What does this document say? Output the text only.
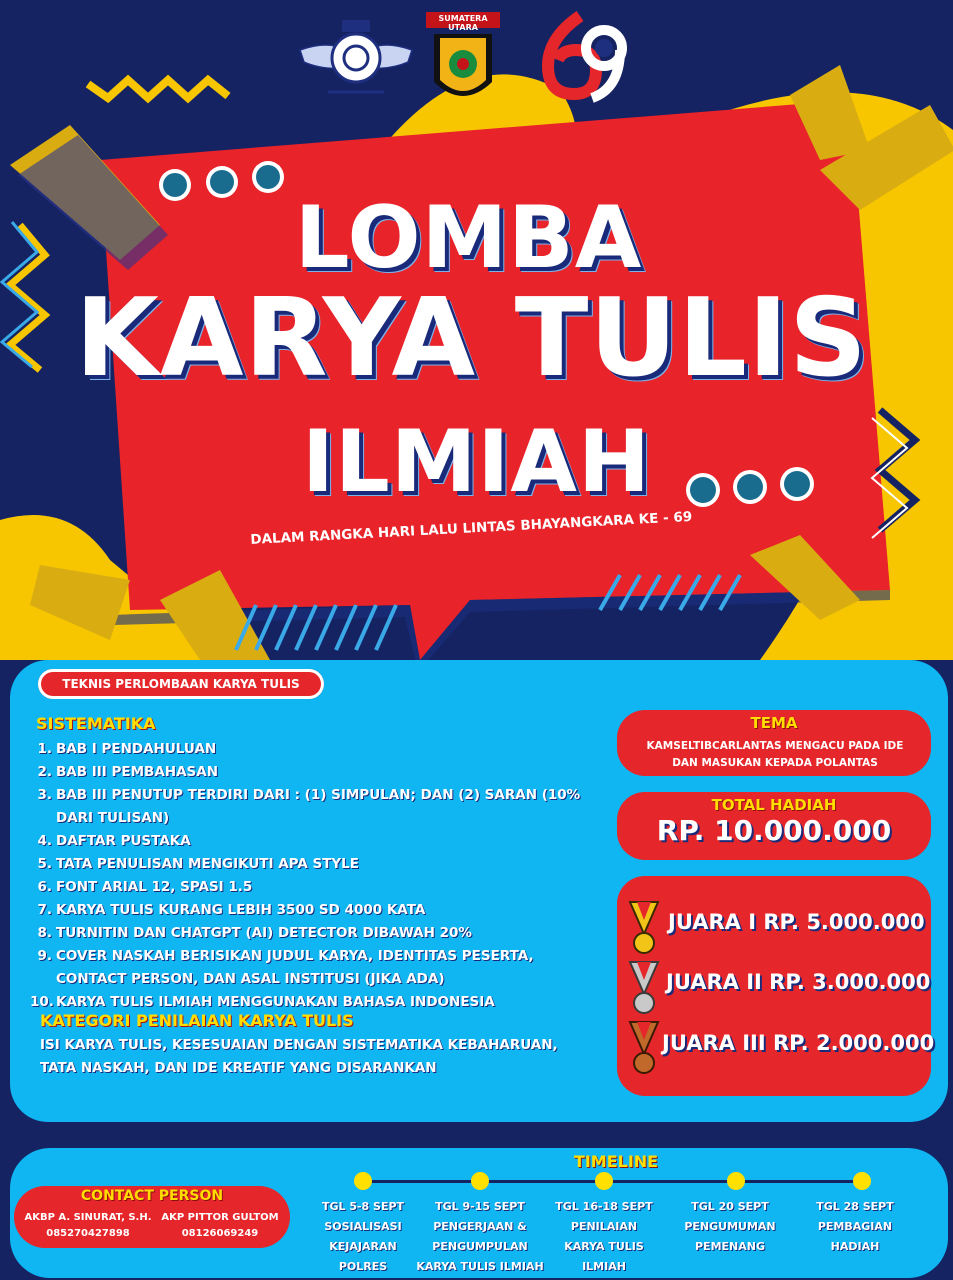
SUMATERA UTARA
LOMBA
KARYA TULIS
ILMIAH
DALAM RANGKA HARI LALU LINTAS BHAYANGKARA KE - 69
TEKNIS PERLOMBAAN KARYA TULIS
SISTEMATIKA
1. BAB I PENDAHULUAN
2. BAB III PEMBAHASAN
3. BAB III PENUTUP TERDIRI DARI : (1) SIMPULAN; DAN (2) SARAN (10% DARI TULISAN)
4. DAFTAR PUSTAKA
5. TATA PENULISAN MENGIKUTI APA STYLE
6. FONT ARIAL 12, SPASI 1.5
7. KARYA TULIS KURANG LEBIH 3500 SD 4000 KATA
8. TURNITIN DAN CHATGPT (AI) DETECTOR DIBAWAH 20%
9. COVER NASKAH BERISIKAN JUDUL KARYA, IDENTITAS PESERTA, CONTACT PERSON, DAN ASAL INSTITUSI (JIKA ADA)
10. KARYA TULIS ILMIAH MENGGUNAKAN BAHASA INDONESIA
KATEGORI PENILAIAN KARYA TULIS
ISI KARYA TULIS, KESESUAIAN DENGAN SISTEMATIKA KEBAHARUAN, TATA NASKAH, DAN IDE KREATIF YANG DISARANKAN
TEMA
KAMSELTIBCARLANTAS MENGACU PADA IDE DAN MASUKAN KEPADA POLANTAS
TOTAL HADIAH
RP. 10.000.000
JUARA I RP. 5.000.000
JUARA II RP. 3.000.000
JUARA III RP. 2.000.000
CONTACT PERSON
AKBP A. SINURAT, S.H.
085270427898
AKP PITTOR GULTOM
08126069249
TIMELINE
TGL 5-8 SEPT
SOSIALISASI
KEJAJARAN
POLRES
TGL 9-15 SEPT
PENGERJAAN &
PENGUMPULAN
KARYA TULIS ILMIAH
TGL 16-18 SEPT
PENILAIAN
KARYA TULIS
ILMIAH
TGL 20 SEPT
PENGUMUMAN
PEMENANG
TGL 28 SEPT
PEMBAGIAN
HADIAH
